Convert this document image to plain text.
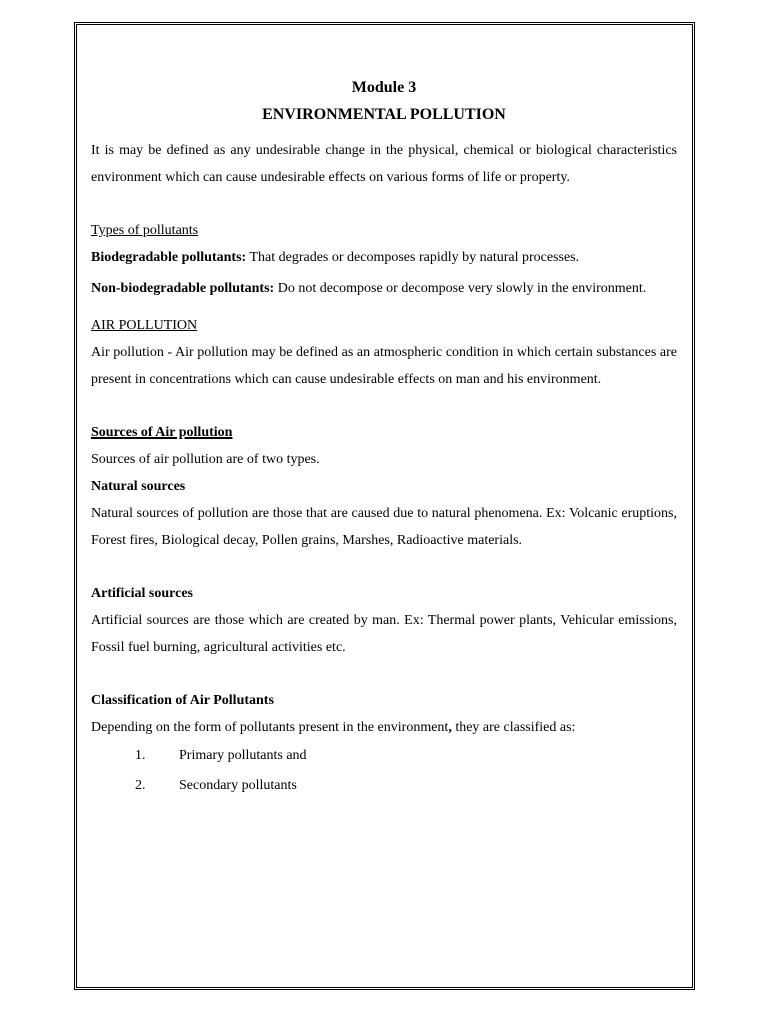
Module 3
ENVIRONMENTAL POLLUTION

It is may be defined as any undesirable change in the physical, chemical or biological characteristics environment which can cause undesirable effects on various forms of life or property.

Types of pollutants

Biodegradable pollutants: That degrades or decomposes rapidly by natural processes.

Non-biodegradable pollutants: Do not decompose or decompose very slowly in the environment.

AIR POLLUTION

Air pollution - Air pollution may be defined as an atmospheric condition in which certain substances are present in concentrations which can cause undesirable effects on man and his environment.

Sources of Air pollution

Sources of air pollution are of two types.

Natural sources

Natural sources of pollution are those that are caused due to natural phenomena. Ex: Volcanic eruptions, Forest fires, Biological decay, Pollen grains, Marshes, Radioactive materials.

Artificial sources

Artificial sources are those which are created by man. Ex: Thermal power plants, Vehicular emissions, Fossil fuel burning, agricultural activities etc.

Classification of Air Pollutants

Depending on the form of pollutants present in the environment, they are classified as:

1.	Primary pollutants and
2.	Secondary pollutants
